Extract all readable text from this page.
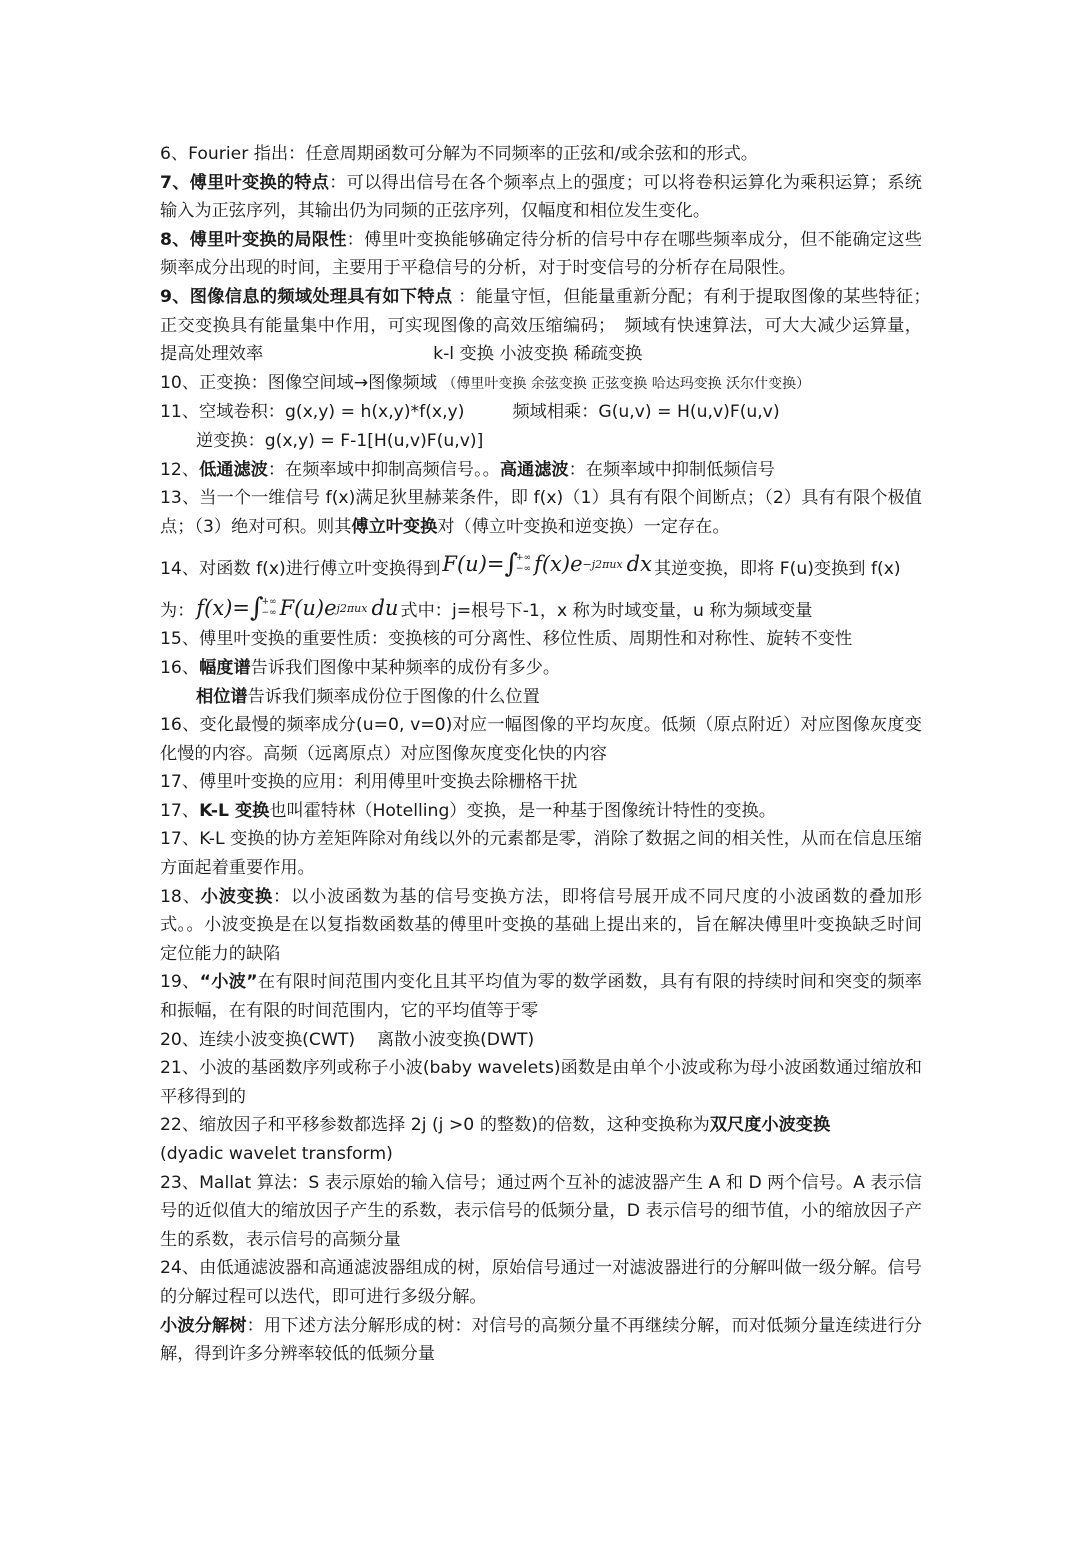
6、Fourier 指出：任意周期函数可分解为不同频率的正弦和/或余弦和的形式。
7、傅里叶变换的特点：可以得出信号在各个频率点上的强度；可以将卷积运算化为乘积运算；系统输入为正弦序列，其输出仍为同频的正弦序列，仅幅度和相位发生变化。
8、傅里叶变换的局限性：傅里叶变换能够确定待分析的信号中存在哪些频率成分，但不能确定这些频率成分出现的时间，主要用于平稳信号的分析，对于时变信号的分析存在局限性。
9、图像信息的频域处理具有如下特点 ：能量守恒，但能量重新分配；有利于提取图像的某些特征；　正交变换具有能量集中作用，可实现图像的高效压缩编码；　频域有快速算法，可大大减少运算量，提高处理效率	k-l 变换 小波变换 稀疏变换
10、正变换：图像空间域→图像频域 （傅里叶变换 余弦变换 正弦变换 哈达玛变换 沃尔什变换）
11、空域卷积：g(x,y) = h(x,y)*f(x,y)	频域相乘：G(u,v) = H(u,v)F(u,v)
逆变换：g(x,y) = F-1[H(u,v)F(u,v)]
12、低通滤波：在频率域中抑制高频信号。。高通滤波：在频率域中抑制低频信号
13、当一个一维信号 f(x)满足狄里赫莱条件，即 f(x)（1）具有有限个间断点；（2）具有有限个极值点；（3）绝对可积。则其傅立叶变换对（傅立叶变换和逆变换）一定存在。
14、对函数 f(x)进行傅立叶变换得到 F(u)= ∫
+∞
−∞ f(x)e −j2πux dx 其逆变换，即将 F(u)变换到 f(x)
为： f(x)= ∫
+∞
−∞ F(u)e j2πux du 式中：j=根号下-1，x 称为时域变量，u 称为频域变量
15、傅里叶变换的重要性质：变换核的可分离性、移位性质、周期性和对称性、旋转不变性
16、幅度谱告诉我们图像中某种频率的成份有多少。
相位谱告诉我们频率成份位于图像的什么位置
16、变化最慢的频率成分(u=0, v=0)对应一幅图像的平均灰度。低频（原点附近）对应图像灰度变化慢的内容。高频（远离原点）对应图像灰度变化快的内容
17、傅里叶变换的应用：利用傅里叶变换去除栅格干扰
17、K-L 变换也叫霍特林（Hotelling）变换，是一种基于图像统计特性的变换。
17、K-L 变换的协方差矩阵除对角线以外的元素都是零，消除了数据之间的相关性，从而在信息压缩方面起着重要作用。
18、小波变换：以小波函数为基的信号变换方法，即将信号展开成不同尺度的小波函数的叠加形式。。小波变换是在以复指数函数基的傅里叶变换的基础上提出来的，旨在解决傅里叶变换缺乏时间定位能力的缺陷
19、“小波”在有限时间范围内变化且其平均值为零的数学函数，具有有限的持续时间和突变的频率和振幅，在有限的时间范围内，它的平均值等于零
20、连续小波变换(CWT)    离散小波变换(DWT)
21、小波的基函数序列或称子小波(baby wavelets)函数是由单个小波或称为母小波函数通过缩放和平移得到的
22、缩放因子和平移参数都选择 2j (j >0 的整数)的倍数，这种变换称为双尺度小波变换
(dyadic wavelet transform)
23、Mallat 算法：S 表示原始的输入信号；通过两个互补的滤波器产生 A 和 D 两个信号。A 表示信号的近似值大的缩放因子产生的系数，表示信号的低频分量，D 表示信号的细节值，小的缩放因子产生的系数，表示信号的高频分量
24、由低通滤波器和高通滤波器组成的树，原始信号通过一对滤波器进行的分解叫做一级分解。信号的分解过程可以迭代，即可进行多级分解。
小波分解树：用下述方法分解形成的树：对信号的高频分量不再继续分解，而对低频分量连续进行分解，得到许多分辨率较低的低频分量
